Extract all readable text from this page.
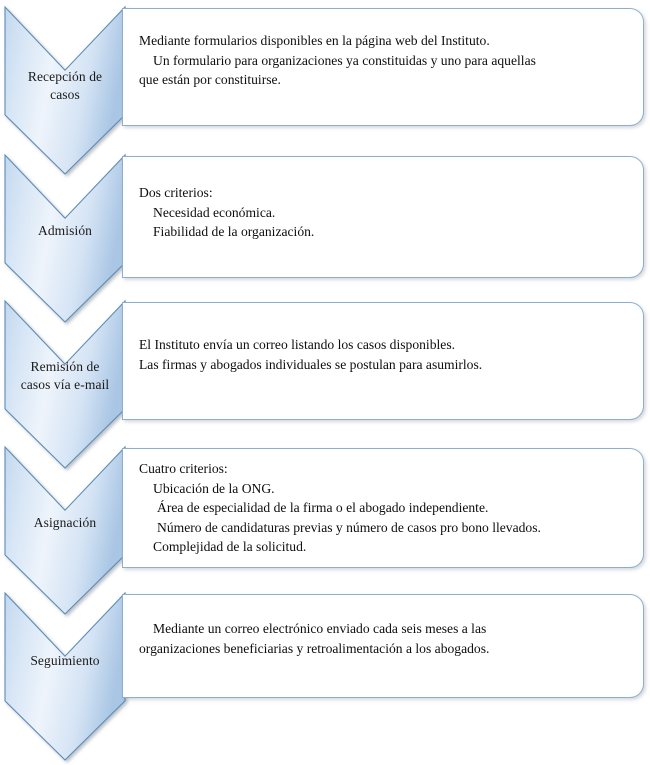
Recepción de
casos
Mediante formularios disponibles en la página web del Instituto.
Un formulario para organizaciones ya constituidas y uno para aquellas
que están por constituirse.
Admisión
Dos criterios:
Necesidad económica.
Fiabilidad de la organización.
Remisión de
casos vía e-mail
El Instituto envía un correo listando los casos disponibles.
Las firmas y abogados individuales se postulan para asumirlos.
Asignación
Cuatro criterios:
Ubicación de la ONG.
Área de especialidad de la firma o el abogado independiente.
Número de candidaturas previas y número de casos pro bono llevados.
Complejidad de la solicitud.
Seguimiento
Mediante un correo electrónico enviado cada seis meses a las
organizaciones beneficiarias y retroalimentación a los abogados.
